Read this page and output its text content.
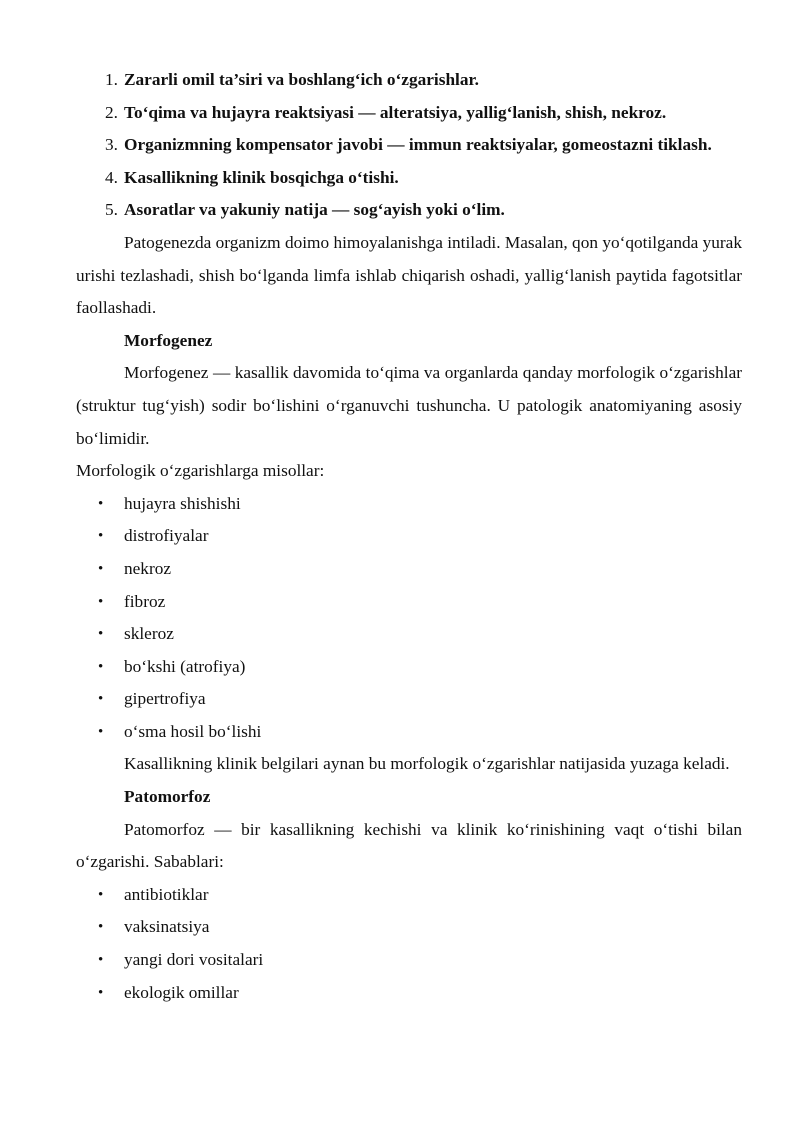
1. Zararli omil ta’siri va boshlang‘ich o‘zgarishlar.
2. To‘qima va hujayra reaktsiyasi — alteratsiya, yallig‘lanish, shish, nekroz.
3. Organizmning kompensator javobi — immun reaktsiyalar, gomeostazni tiklash.
4. Kasallikning klinik bosqichga o‘tishi.
5. Asoratlar va yakuniy natija — sog‘ayish yoki o‘lim.

Patogenezda organizm doimo himoyalanishga intiladi. Masalan, qon yo‘qotilganda yurak urishi tezlashadi, shish bo‘lganda limfa ishlab chiqarish oshadi, yallig‘lanish paytida fagotsitlar faollashadi.

Morfogenez

Morfogenez — kasallik davomida to‘qima va organlarda qanday morfologik o‘zgarishlar (struktur tug‘yish) sodir bo‘lishini o‘rganuvchi tushuncha. U patologik anatomiyaning asosiy bo‘limidir.

Morfologik o‘zgarishlarga misollar:

•	hujayra shishishi
•	distrofiyalar
•	nekroz
•	fibroz
•	skleroz
•	bo‘kshi (atrofiya)
•	gipertrofiya
•	o‘sma hosil bo‘lishi

Kasallikning klinik belgilari aynan bu morfologik o‘zgarishlar natijasida yuzaga keladi.

Patomorfoz

Patomorfoz — bir kasallikning kechishi va klinik ko‘rinishining vaqt o‘tishi bilan o‘zgarishi. Sabablari:

•	antibiotiklar
•	vaksinatsiya
•	yangi dori vositalari
•	ekologik omillar
